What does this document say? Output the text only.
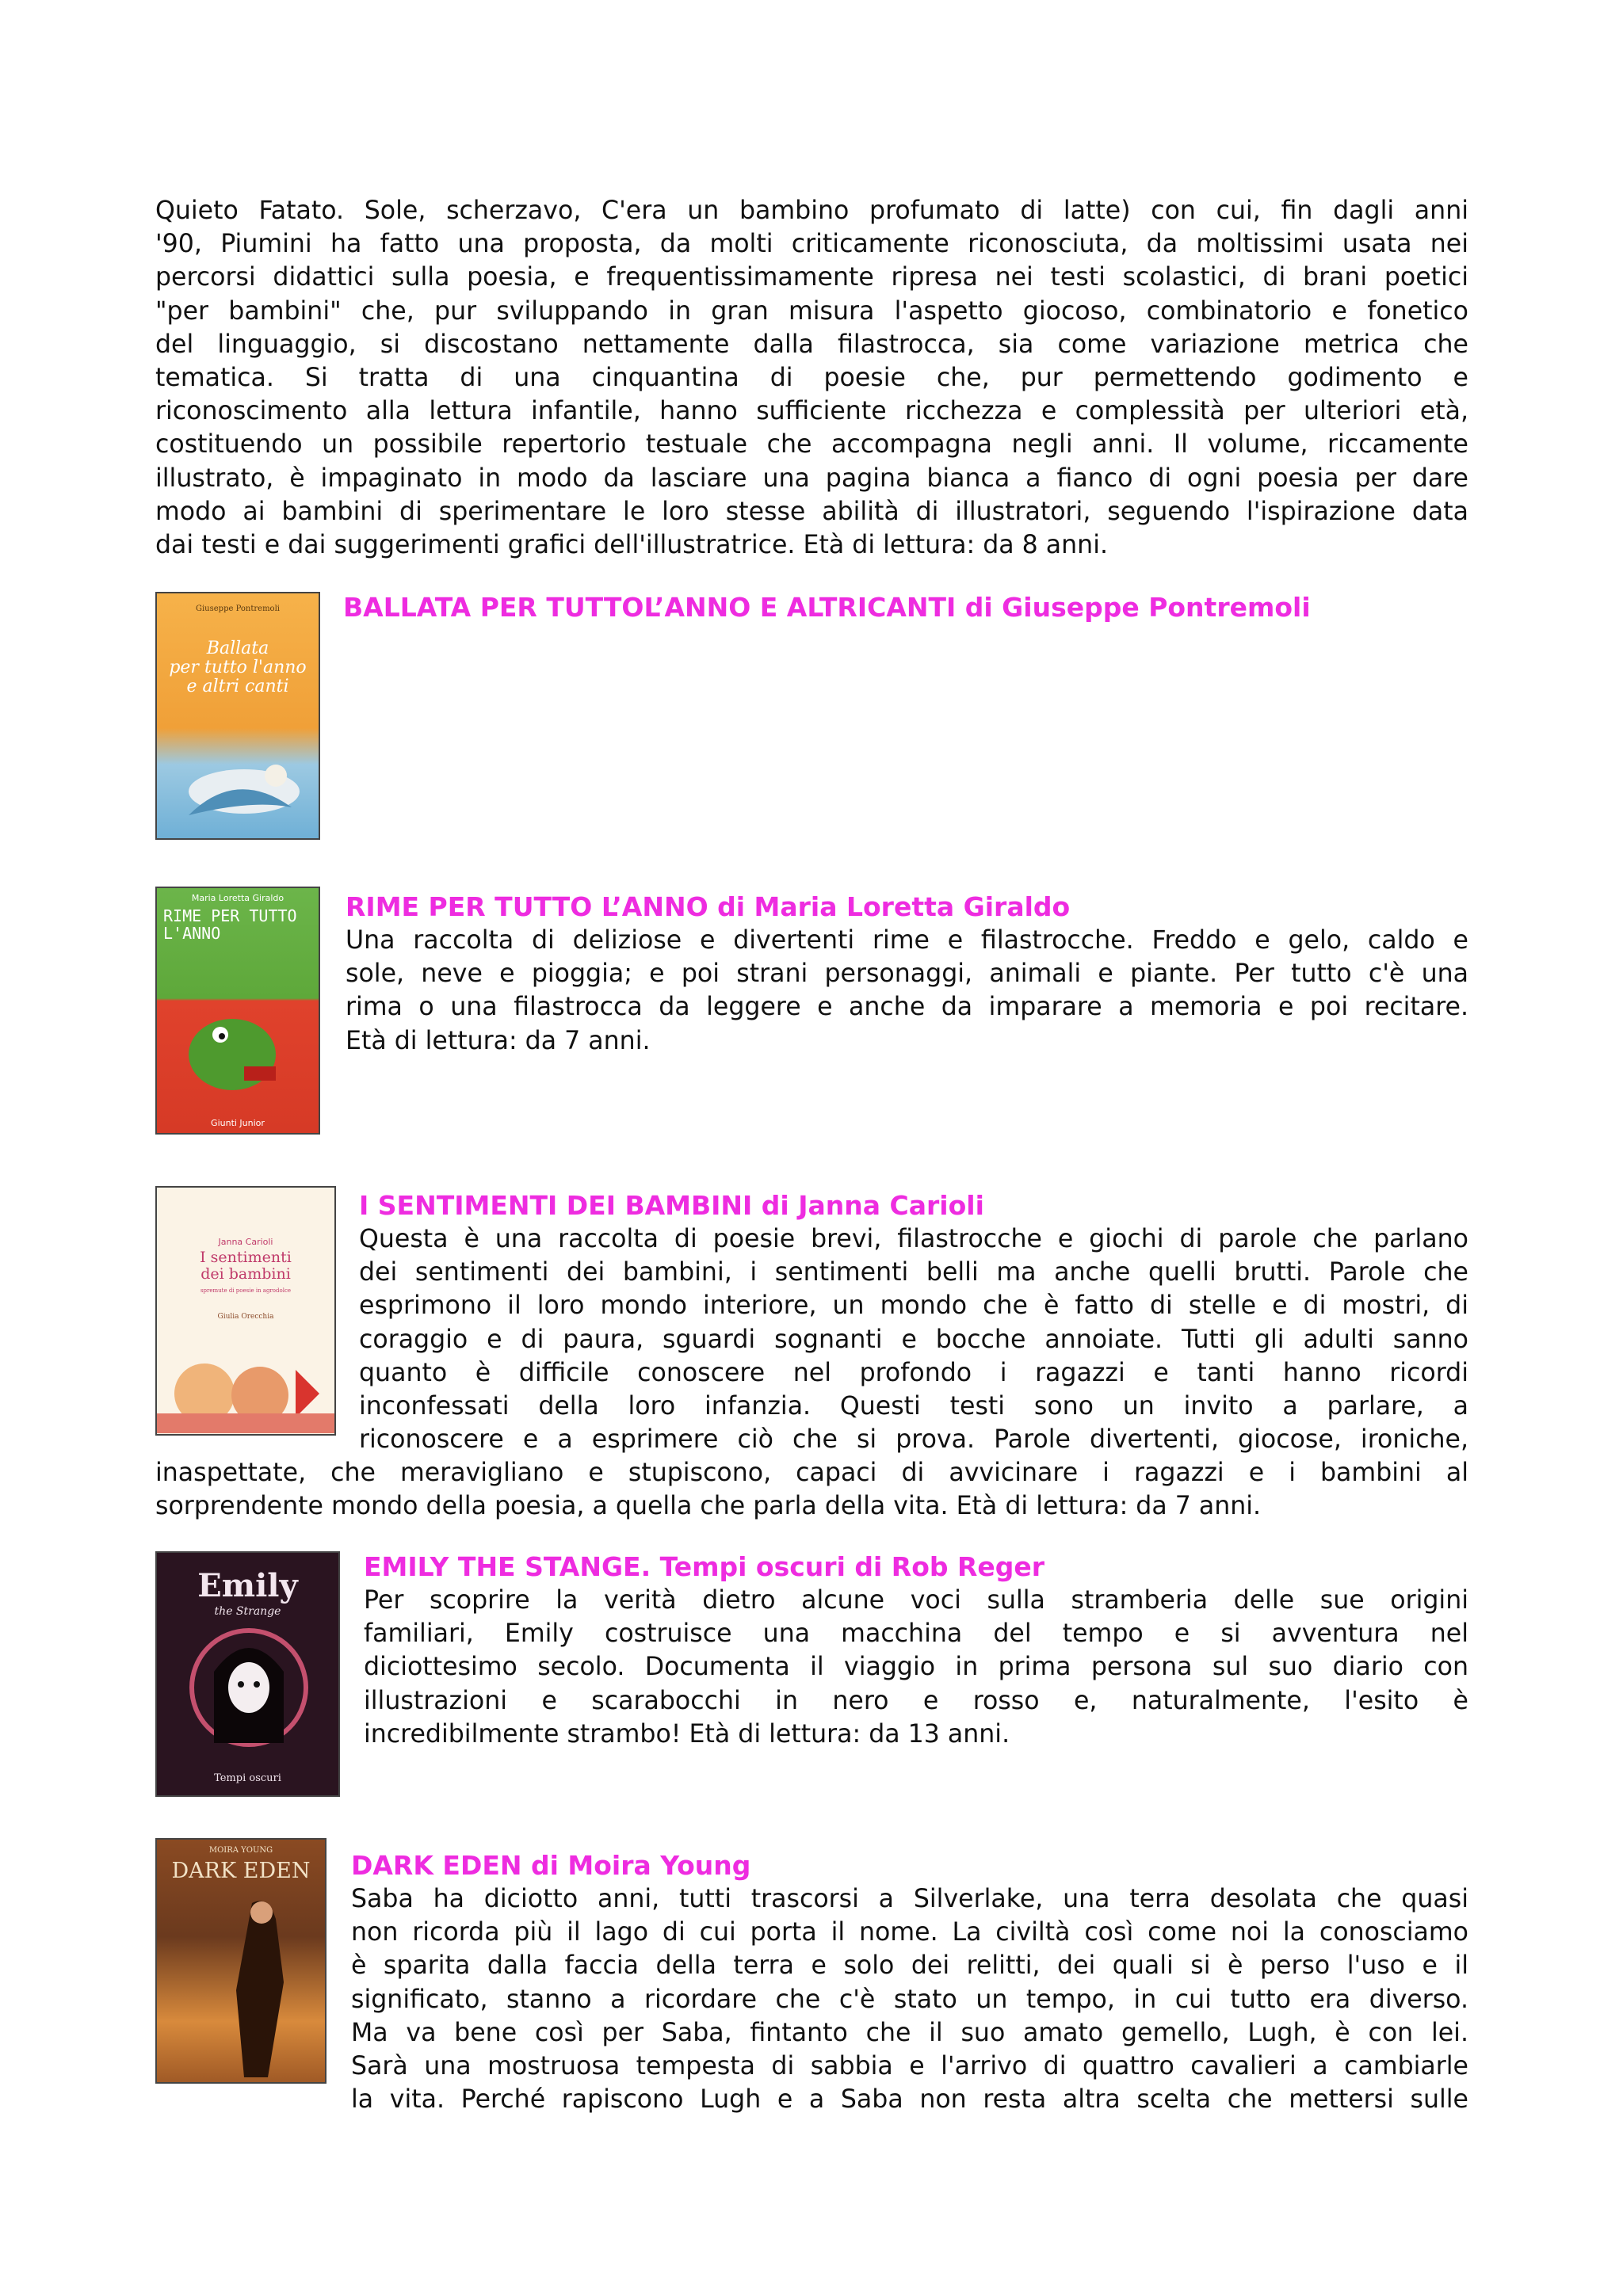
Quieto Fatato. Sole, scherzavo, C'era un bambino profumato di latte) con cui, fin dagli anni
'90, Piumini ha fatto una proposta, da molti criticamente riconosciuta, da moltissimi usata nei
percorsi didattici sulla poesia, e frequentissimamente ripresa nei testi scolastici, di brani poetici
"per bambini" che, pur sviluppando in gran misura l'aspetto giocoso, combinatorio e fonetico
del linguaggio, si discostano nettamente dalla filastrocca, sia come variazione metrica che
tematica. Si tratta di una cinquantina di poesie che, pur permettendo godimento e
riconoscimento alla lettura infantile, hanno sufficiente ricchezza e complessità per ulteriori età,
costituendo un possibile repertorio testuale che accompagna negli anni. Il volume, riccamente
illustrato, è impaginato in modo da lasciare una pagina bianca a fianco di ogni poesia per dare
modo ai bambini di sperimentare le loro stesse abilità di illustratori, seguendo l'ispirazione data
dai testi e dai suggerimenti grafici dell'illustratrice. Età di lettura: da 8 anni.
Giuseppe Pontremoli
Ballata
per tutto l'anno
e altri canti
BALLATA PER TUTTOL’ANNO E ALTRICANTI di Giuseppe Pontremoli
Maria Loretta Giraldo
RIME PER TUTTO
L'ANNO
Giunti Junior
RIME PER TUTTO L’ANNO di Maria Loretta Giraldo
Una raccolta di deliziose e divertenti rime e filastrocche. Freddo e gelo, caldo e
sole, neve e pioggia; e poi strani personaggi, animali e piante. Per tutto c'è una
rima o una filastrocca da leggere e anche da imparare a memoria e poi recitare.
Età di lettura: da 7 anni.
Janna Carioli
I sentimenti
dei bambini
spremute di poesie in agrodolce
Giulia Orecchia
I SENTIMENTI DEI BAMBINI di Janna Carioli
Questa è una raccolta di poesie brevi, filastrocche e giochi di parole che parlano
dei sentimenti dei bambini, i sentimenti belli ma anche quelli brutti. Parole che
esprimono il loro mondo interiore, un mondo che è fatto di stelle e di mostri, di
coraggio e di paura, sguardi sognanti e bocche annoiate. Tutti gli adulti sanno
quanto è difficile conoscere nel profondo i ragazzi e tanti hanno ricordi
inconfessati della loro infanzia. Questi testi sono un invito a parlare, a
riconoscere e a esprimere ciò che si prova. Parole divertenti, giocose, ironiche,
inaspettate, che meravigliano e stupiscono, capaci di avvicinare i ragazzi e i bambini al
sorprendente mondo della poesia, a quella che parla della vita. Età di lettura: da 7 anni.
Emily
the Strange
Tempi oscuri
EMILY THE STANGE. Tempi oscuri di Rob Reger
Per scoprire la verità dietro alcune voci sulla stramberia delle sue origini
familiari, Emily costruisce una macchina del tempo e si avventura nel
diciottesimo secolo. Documenta il viaggio in prima persona sul suo diario con
illustrazioni e scarabocchi in nero e rosso e, naturalmente, l'esito è
incredibilmente strambo! Età di lettura: da 13 anni.
MOIRA YOUNG
DARK EDEN	DARK EDEN di Moira Young
Saba ha diciotto anni, tutti trascorsi a Silverlake, una terra desolata che quasi
non ricorda più il lago di cui porta il nome. La civiltà così come noi la conosciamo
è sparita dalla faccia della terra e solo dei relitti, dei quali si è perso l'uso e il
significato, stanno a ricordare che c'è stato un tempo, in cui tutto era diverso.
Ma va bene così per Saba, fintanto che il suo amato gemello, Lugh, è con lei.
Sarà una mostruosa tempesta di sabbia e l'arrivo di quattro cavalieri a cambiarle
la vita. Perché rapiscono Lugh e a Saba non resta altra scelta che mettersi sulle
